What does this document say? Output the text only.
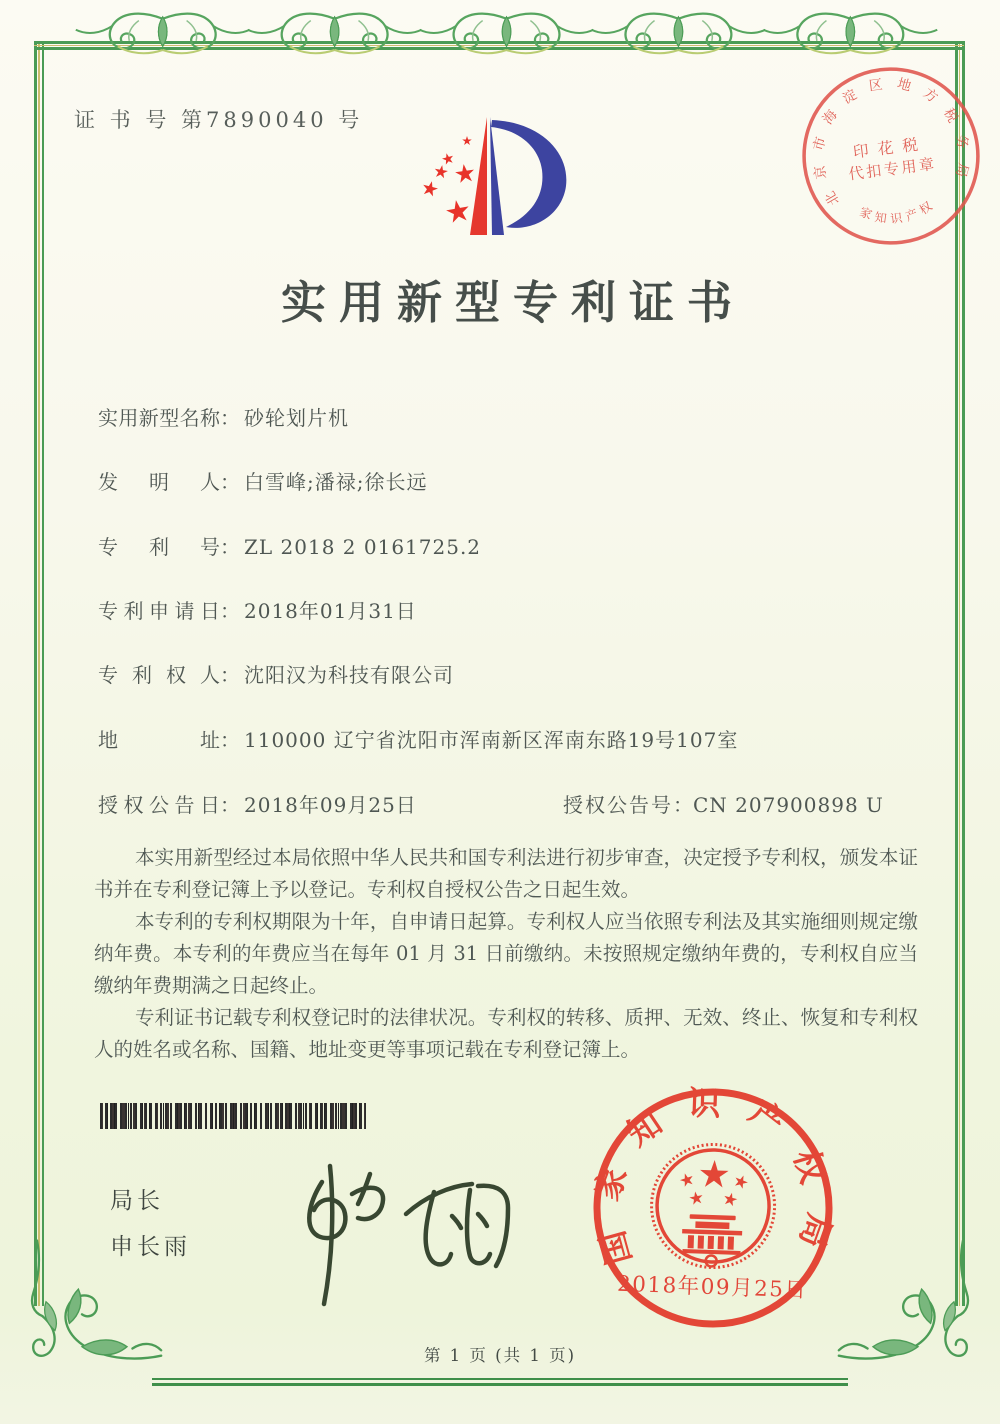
证 书 号 第7890040 号
北京市海淀区地方税务局
印花税
代扣专用章
国家知识产权局
实用新型专利证书
实用新型名称： 砂轮划片机
发明人： 白雪峰;潘禄;徐长远
专利号： ZL 2018 2 0161725.2
专利申请日： 2018年01月31日
专利权人： 沈阳汉为科技有限公司
地址： 110000 辽宁省沈阳市浑南新区浑南东路19号107室
授权公告日： 2018年09月25日	授权公告号：CN 207900898 U

本实用新型经过本局依照中华人民共和国专利法进行初步审查，决定授予专利权，颁发本证书并在专利登记簿上予以登记。专利权自授权公告之日起生效。

本专利的专利权期限为十年，自申请日起算。专利权人应当依照专利法及其实施细则规定缴纳年费。本专利的年费应当在每年 01 月 31 日前缴纳。未按照规定缴纳年费的，专利权自应当缴纳年费期满之日起终止。

专利证书记载专利权登记时的法律状况。专利权的转移、质押、无效、终止、恢复和专利权人的姓名或名称、国籍、地址变更等事项记载在专利登记簿上。

局长
申长雨	国家知识产权局
2018年09月25日
第 1 页 (共 1 页)
